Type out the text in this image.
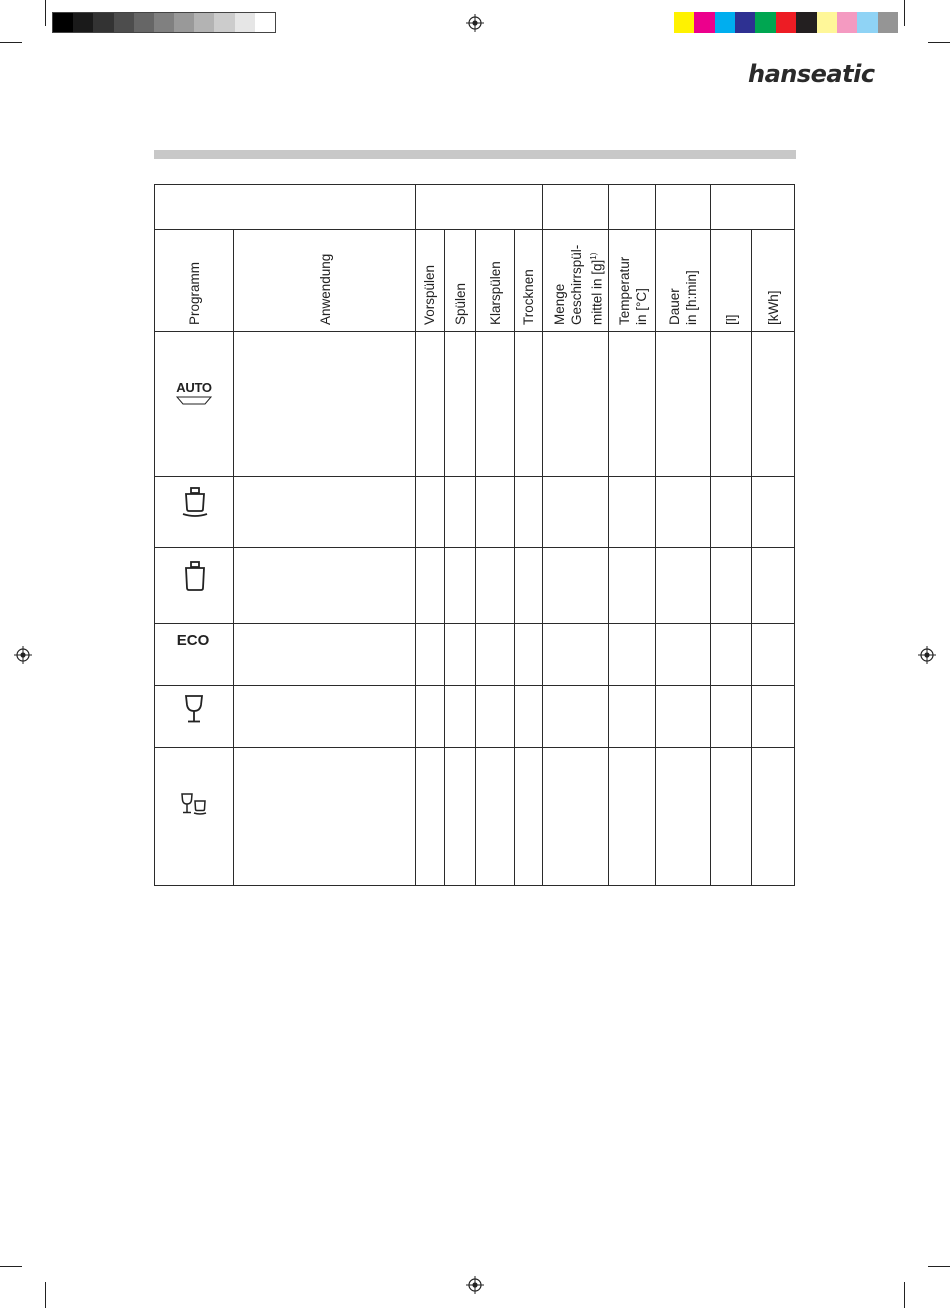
hanseatic
Programm	Anwendung	Vorspülen Spülen Klarspülen Trocknen Menge Geschirrspül- mittel in $[g]^{1)}$
Temperatur in [°C] Dauer in [h:min] [l] [kWh]
AUTO
ECO
